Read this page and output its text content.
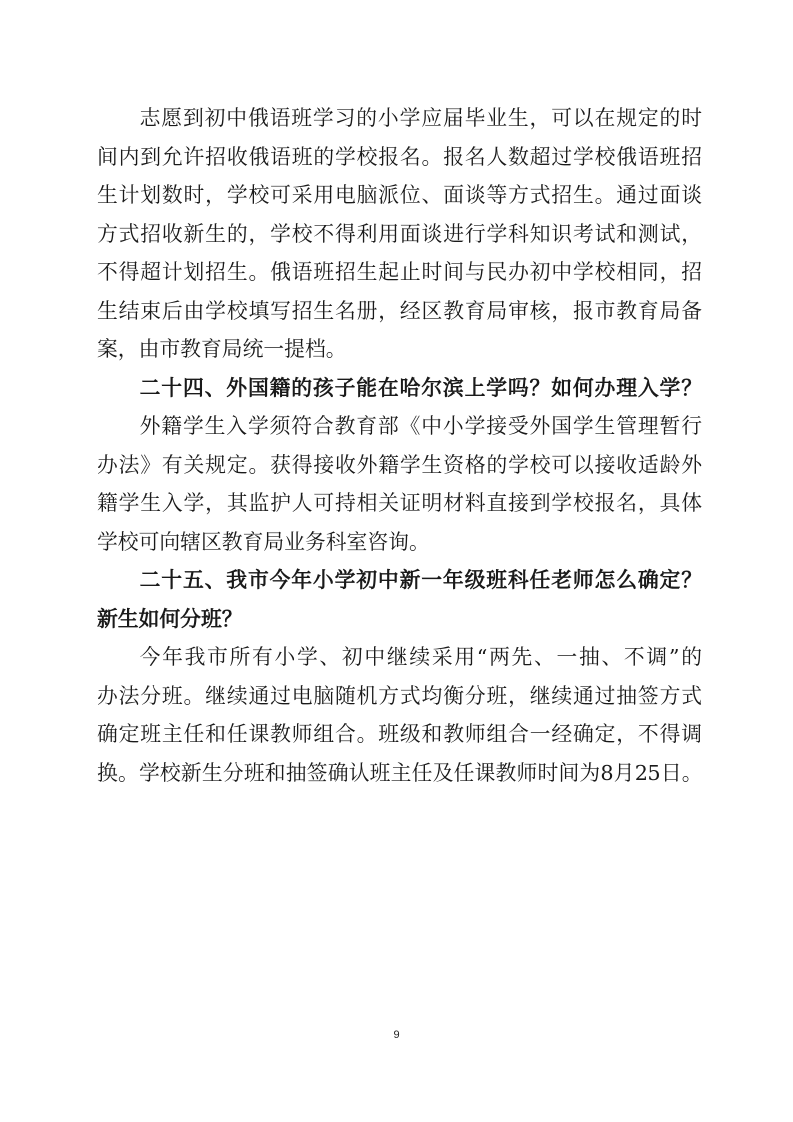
志愿到初中俄语班学习的小学应届毕业生，可以在规定的时
间内到允许招收俄语班的学校报名。报名人数超过学校俄语班招
生计划数时，学校可采用电脑派位、面谈等方式招生。通过面谈
方式招收新生的，学校不得利用面谈进行学科知识考试和测试，
不得超计划招生。俄语班招生起止时间与民办初中学校相同，招
生结束后由学校填写招生名册，经区教育局审核，报市教育局备
案，由市教育局统一提档。
二十四、外国籍的孩子能在哈尔滨上学吗？如何办理入学？
外籍学生入学须符合教育部《中小学接受外国学生管理暂行
办法》有关规定。获得接收外籍学生资格的学校可以接收适龄外
籍学生入学，其监护人可持相关证明材料直接到学校报名，具体
学校可向辖区教育局业务科室咨询。
二十五、我市今年小学初中新一年级班科任老师怎么确定？
新生如何分班？
今年我市所有小学、初中继续采用“两先、一抽、不调”的
办法分班。继续通过电脑随机方式均衡分班，继续通过抽签方式
确定班主任和任课教师组合。班级和教师组合一经确定，不得调
换。学校新生分班和抽签确认班主任及任课教师时间为8月25日。
9
